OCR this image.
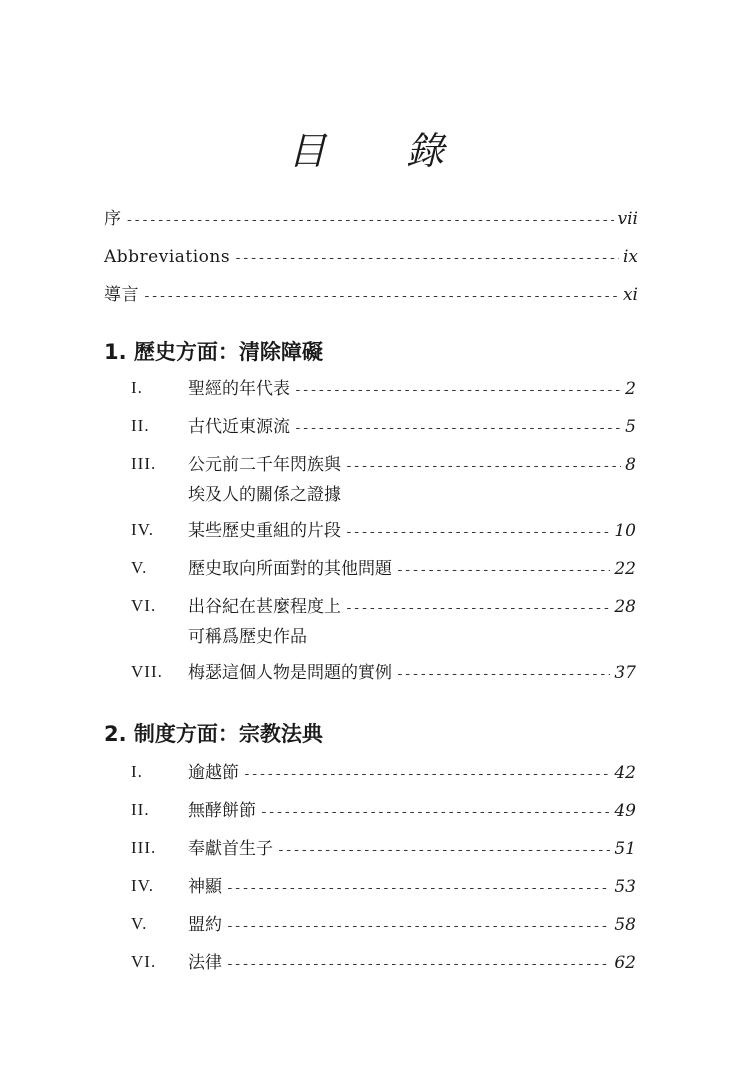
目 錄
序 -----	vii
Abbreviations -----	ix
導言 -----	xi
1. 歷史方面：清除障礙
I.	聖經的年代表 -----	2
II.	古代近東源流 -----	5
III.	公元前二千年閃族與 -----	8
埃及人的關係之證據
IV.	某些歷史重組的片段 -----	10
V.	歷史取向所面對的其他問題 -----	22
VI.	出谷紀在甚麼程度上 -----	28
可稱爲歷史作品
VII.	梅瑟這個人物是問題的實例 -----	37
2. 制度方面：宗教法典
I.	逾越節 -----	42
II.	無酵餅節 -----	49
III.	奉獻首生子 -----	51
IV.	神顯 -----	53
V.	盟約 -----	58
VI.	法律 -----	62
